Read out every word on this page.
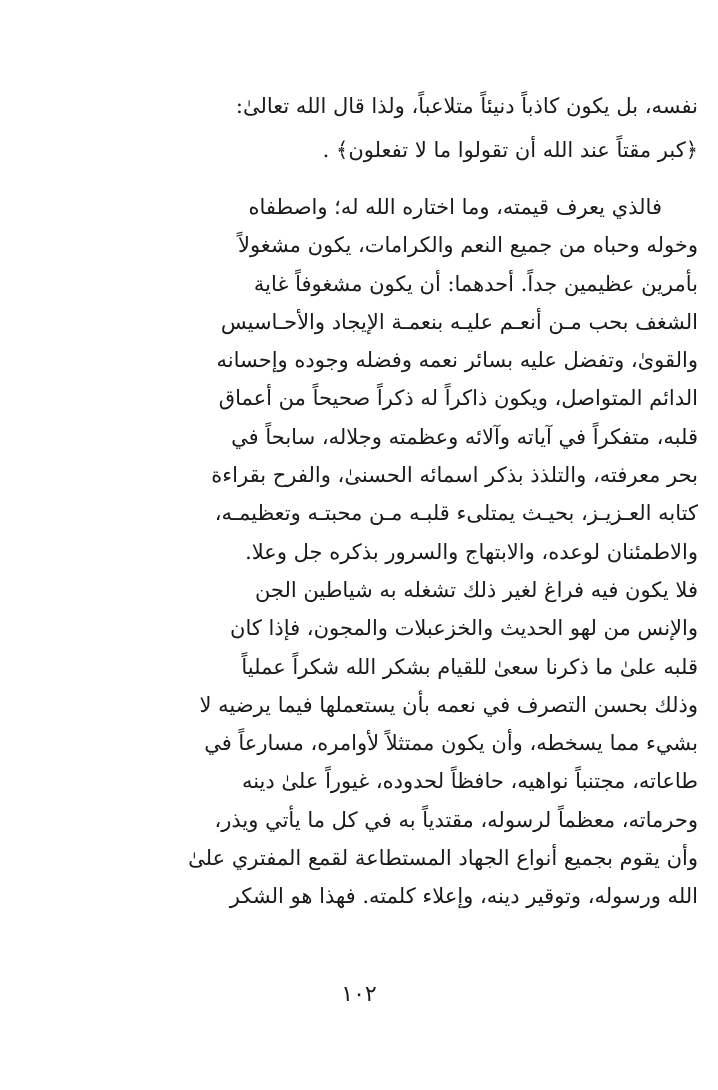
نفسه، بل يكون كاذباً دنيئاً متلاعباً، ولذا قال الله تعالىٰ:
﴿كبر مقتاً عند الله أن تقولوا ما لا تفعلون﴾ .
فالذي يعرف قيمته، وما اختاره الله له؛ واصطفاه
وخوله وحباه من جميع النعم والكرامات، يكون مشغولاً
بأمرين عظيمين جداً. أحدهما: أن يكون مشغوفاً غاية
الشغف بحب مـن أنعـم عليـه بنعمـة الإيجاد والأحـاسيس
والقوىٰ، وتفضل عليه بسائر نعمه وفضله وجوده وإحسانه
الدائم المتواصل، ويكون ذاكراً له ذكراً صحيحاً من أعماق
قلبه، متفكراً في آياته وآلائه وعظمته وجلاله، سابحاً في
بحر معرفته، والتلذذ بذكر اسمائه الحسنىٰ، والفرح بقراءة
كتابه العـزيـز، بحيـث يمتلىء قلبـه مـن محبتـه وتعظيمـه،
والاطمئنان لوعده، والابتهاج والسرور بذكره جل وعلا.
فلا يكون فيه فراغ لغير ذلك تشغله به شياطين الجن
والإنس من لهو الحديث والخزعبلات والمجون، فإذا كان
قلبه علىٰ ما ذكرنا سعىٰ للقيام بشكر الله شكراً عملياً
وذلك بحسن التصرف في نعمه بأن يستعملها فيما يرضيه لا
بشيء مما يسخطه، وأن يكون ممتثلاً لأوامره، مسارعاً في
طاعاته، مجتنباً نواهيه، حافظاً لحدوده، غيوراً علىٰ دينه
وحرماته، معظماً لرسوله، مقتدياً به في كل ما يأتي ويذر،
وأن يقوم بجميع أنواع الجهاد المستطاعة لقمع المفتري علىٰ
الله ورسوله، وتوقير دينه، وإعلاء كلمته. فهذا هو الشكر
١٠٢
